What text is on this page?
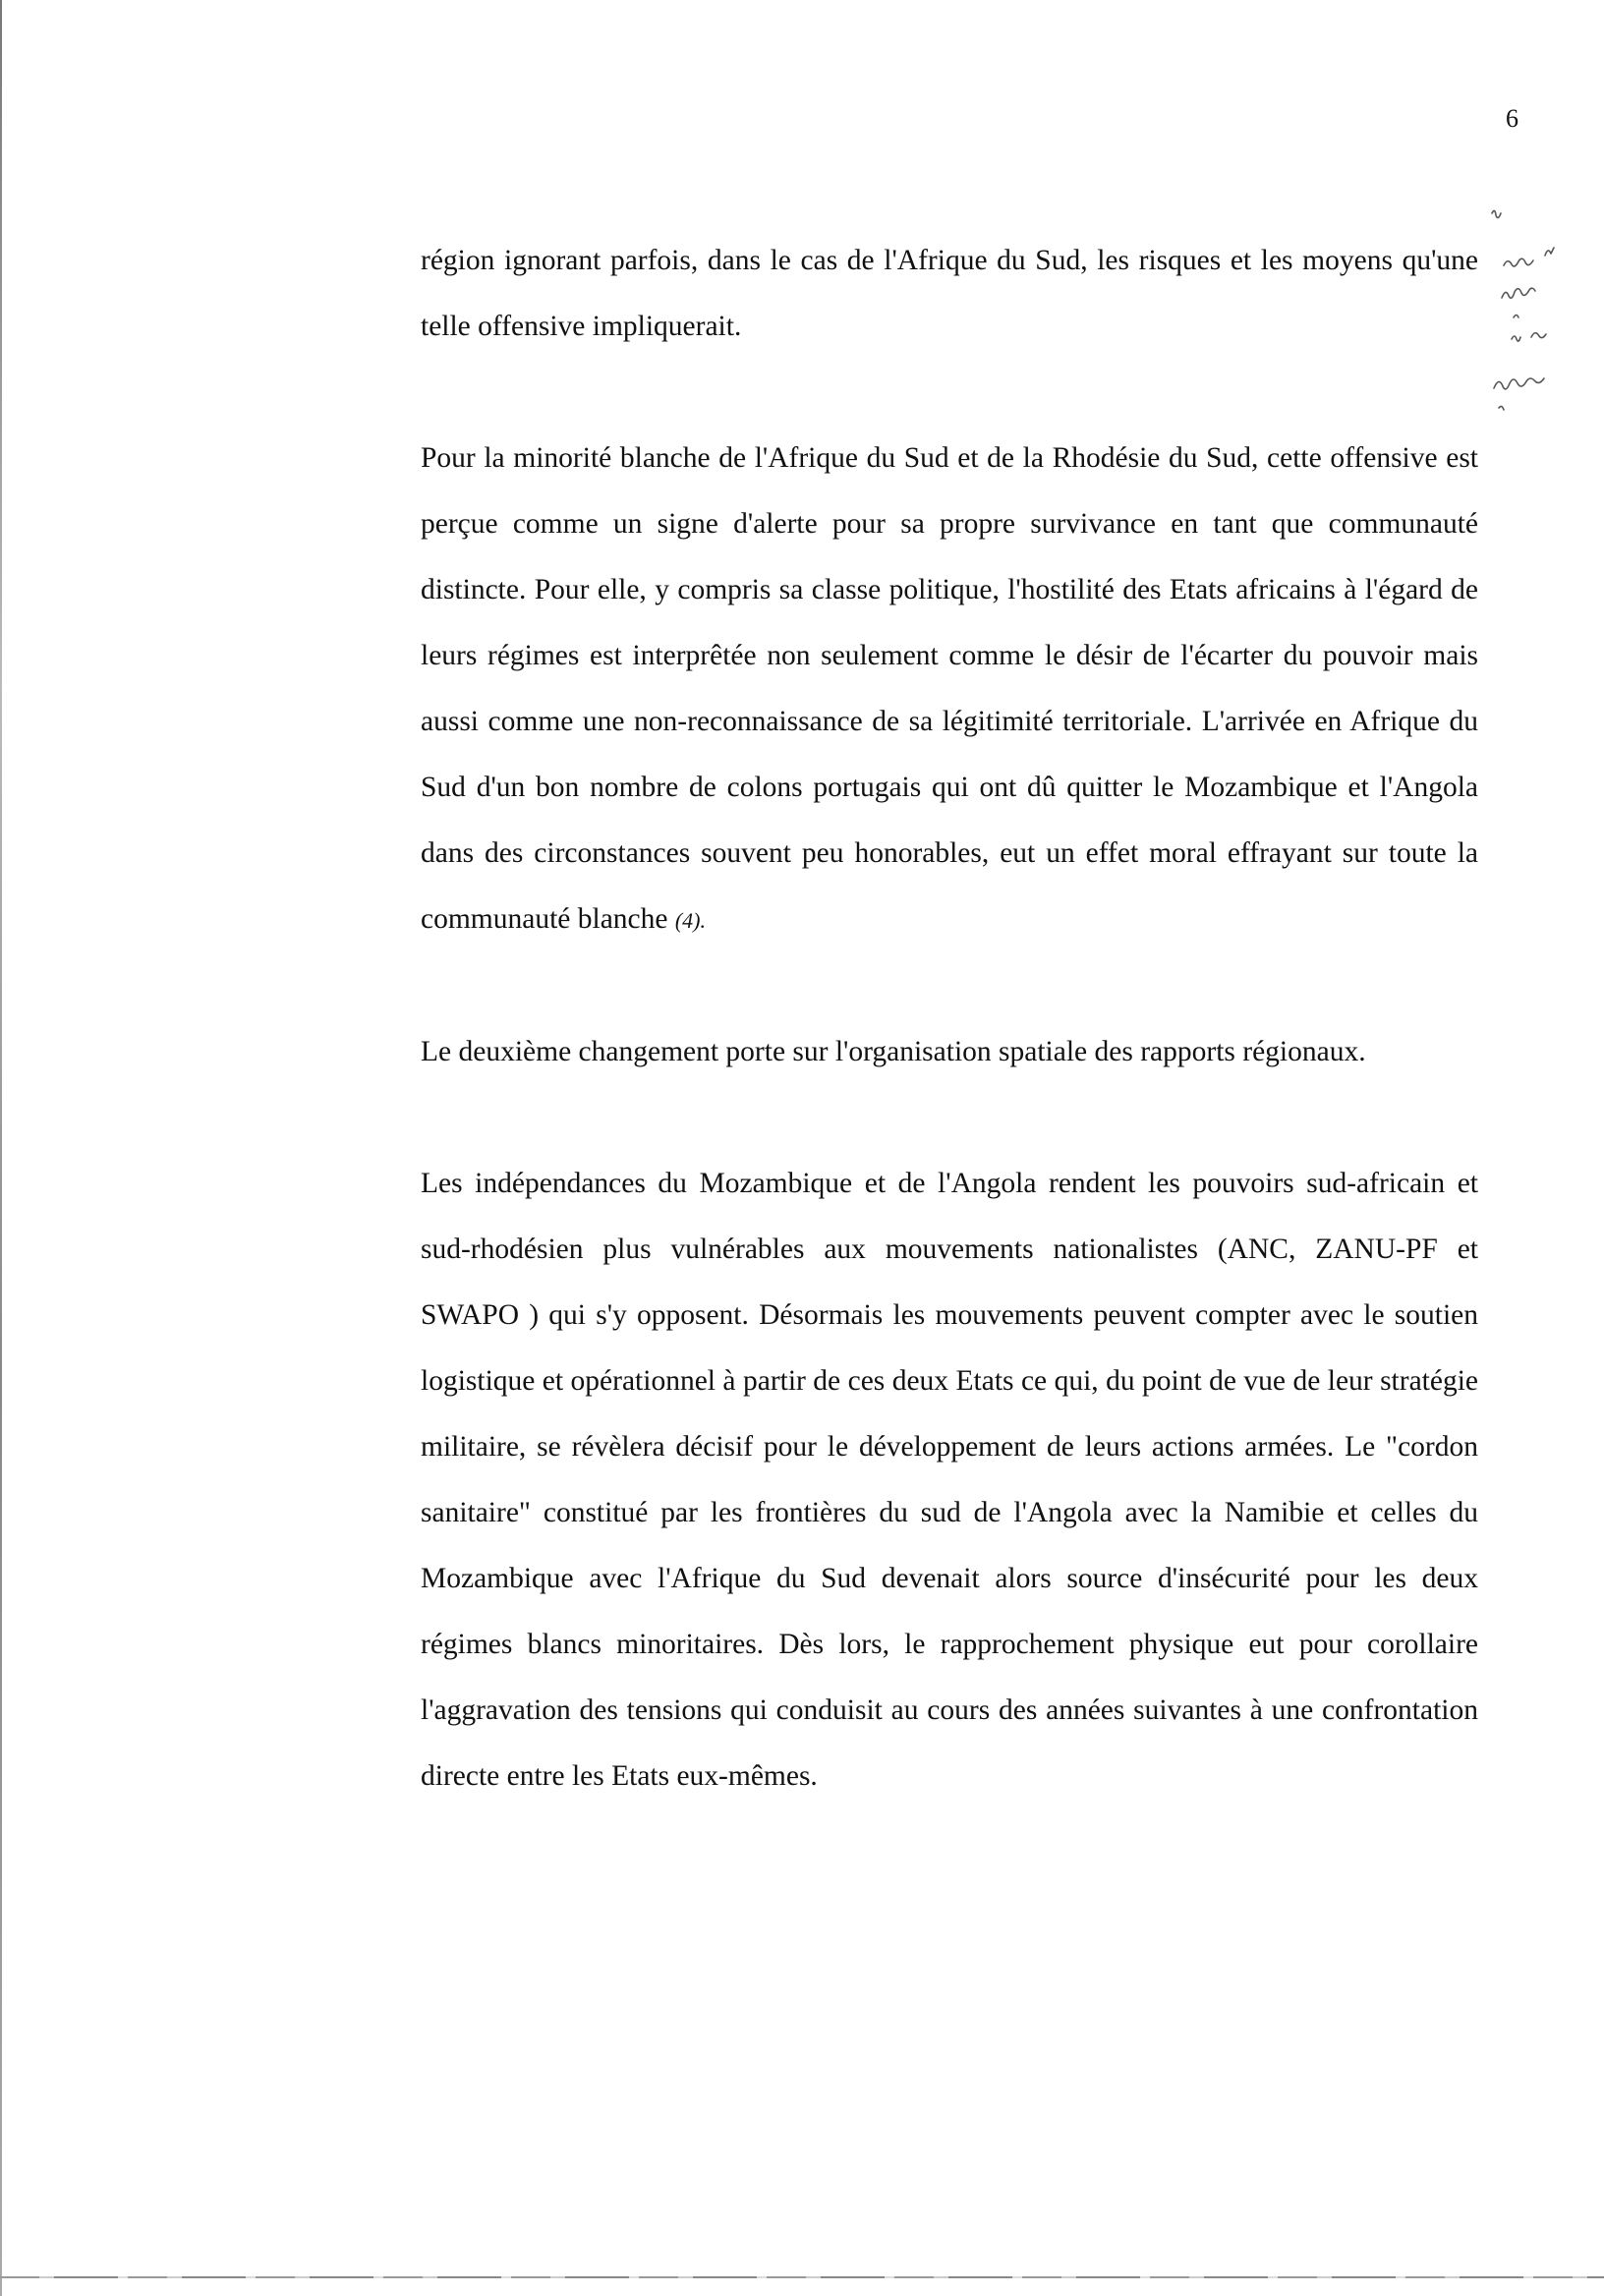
6

région ignorant parfois, dans le cas de l'Afrique du Sud, les risques et les moyens qu'une telle offensive impliquerait.

Pour la minorité blanche de l'Afrique du Sud et de la Rhodésie du Sud, cette offensive est perçue comme un signe d'alerte pour sa propre survivance en tant que communauté distincte. Pour elle, y compris sa classe politique, l'hostilité des Etats africains à l'égard de leurs régimes est interprêtée non seulement comme le désir de l'écarter du pouvoir mais aussi comme une non-reconnaissance de sa légitimité territoriale. L'arrivée en Afrique du Sud d'un bon nombre de colons portugais qui ont dû quitter le Mozambique et l'Angola dans des circonstances souvent peu honorables, eut un effet moral effrayant sur toute la communauté blanche (4).

Le deuxième changement porte sur l'organisation spatiale des rapports régionaux.

Les indépendances du Mozambique et de l'Angola rendent les pouvoirs sud-africain et sud-rhodésien plus vulnérables aux mouvements nationalistes (ANC, ZANU-PF et SWAPO ) qui s'y opposent. Désormais les mouvements peuvent compter avec le soutien logistique et opérationnel à partir de ces deux Etats ce qui, du point de vue de leur stratégie militaire, se révèlera décisif pour le développement de leurs actions armées. Le "cordon sanitaire" constitué par les frontières du sud de l'Angola avec la Namibie et celles du Mozambique avec l'Afrique du Sud devenait alors source d'insécurité pour les deux régimes blancs minoritaires. Dès lors, le rapprochement physique eut pour corollaire l'aggravation des tensions qui conduisit au cours des années suivantes à une confrontation directe entre les Etats eux-mêmes.
